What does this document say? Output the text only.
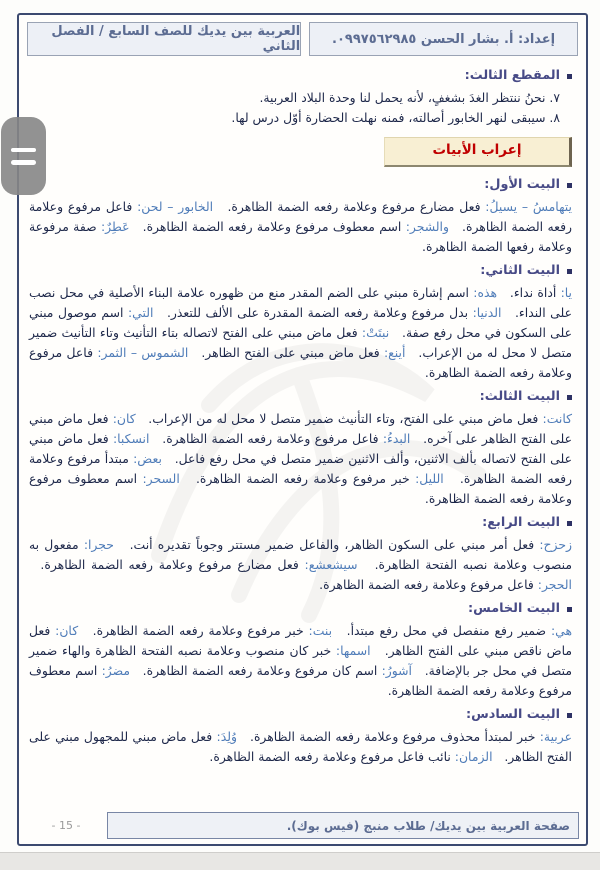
العربية بين يديك للصف السابع / الفصل الثاني	إعداد: أ. بشار الحسن ٠٩٩٧٥٦٢٩٨٥.
المقطع الثالث:
٧. نحنُ ننتظر الغدَ بشغفٍ، لأنه يحمل لنا وحدة البلاد العربية.
٨. سيبقى لنهر الخابور أصالته، فمنه نهلت الحضارة أوّل درس لها.
إعراب الأبيات
البيت الأول:

يتهامسُ – يسيلُ: فعل مضارع مرفوع وعلامة رفعه الضمة الظاهرة.   الخابور – لحن: فاعل مرفوع وعلامة رفعه الضمة الظاهرة.   والشجر: اسم معطوف مرفوع وعلامة رفعه الضمة الظاهرة.   عَطِرٌ: صفة مرفوعة وعلامة رفعها الضمة الظاهرة.

البيت الثاني:

يا: أداة نداء.   هذه: اسم إشارة مبني على الضم المقدر منع من ظهوره علامة البناء الأصلية في محل نصب على النداء.   الدنيا: بدل مرفوع وعلامة رفعه الضمة المقدرة على الألف للتعذر.   التي: اسم موصول مبني على السكون في محل رفع صفة.   نبتَتْ: فعل ماض مبني على الفتح لاتصاله بتاء التأنيث وتاء التأنيث ضمير متصل لا محل له من الإعراب.   أينع: فعل ماض مبني على الفتح الظاهر.   الشموس – الثمر: فاعل مرفوع وعلامة رفعه الضمة الظاهرة.

البيت الثالث:

كانت: فعل ماض مبني على الفتح، وتاء التأنيث ضمير متصل لا محل له من الإعراب.   كان: فعل ماض مبني على الفتح الظاهر على آخره.   البدءُ: فاعل مرفوع وعلامة رفعه الضمة الظاهرة.   انسكبا: فعل ماض مبني على الفتح لاتصاله بألف الاثنين، وألف الاثنين ضمير متصل في محل رفع فاعل.   بعض: مبتدأ مرفوع وعلامة رفعه الضمة الظاهرة.   الليل: خبر مرفوع وعلامة رفعه الضمة الظاهرة.   السحر: اسم معطوف مرفوع وعلامة رفعه الضمة الظاهرة.

البيت الرابع:

زحزح: فعل أمر مبني على السكون الظاهر، والفاعل ضمير مستتر وجوباً تقديره أنت.   حجرا: مفعول به منصوب وعلامة نصبه الفتحة الظاهرة.   سيشعشع: فعل مضارع مرفوع وعلامة رفعه الضمة الظاهرة.   الحجر: فاعل مرفوع وعلامة رفعه الضمة الظاهرة.

البيت الخامس:

هي: ضمير رفع منفصل في محل رفع مبتدأ.   بنت: خبر مرفوع وعلامة رفعه الضمة الظاهرة.   كان: فعل ماض ناقص مبني على الفتح الظاهر.   اسمها: خبر كان منصوب وعلامة نصبه الفتحة الظاهرة والهاء ضمير متصل في محل جر بالإضافة.   آشورُ: اسم كان مرفوع وعلامة رفعه الضمة الظاهرة.   مضرُ: اسم معطوف مرفوع وعلامة رفعه الضمة الظاهرة.

البيت السادس:

عربية: خبر لمبتدأ محذوف مرفوع وعلامة رفعه الضمة الظاهرة.   وُلِدَ: فعل ماض مبني للمجهول مبني على الفتح الظاهر.   الزمان: نائب فاعل مرفوع وعلامة رفعه الضمة الظاهرة.

صفحة العربية بين يديك/ طلاب منبج (فيس بوك).
- 15 -
